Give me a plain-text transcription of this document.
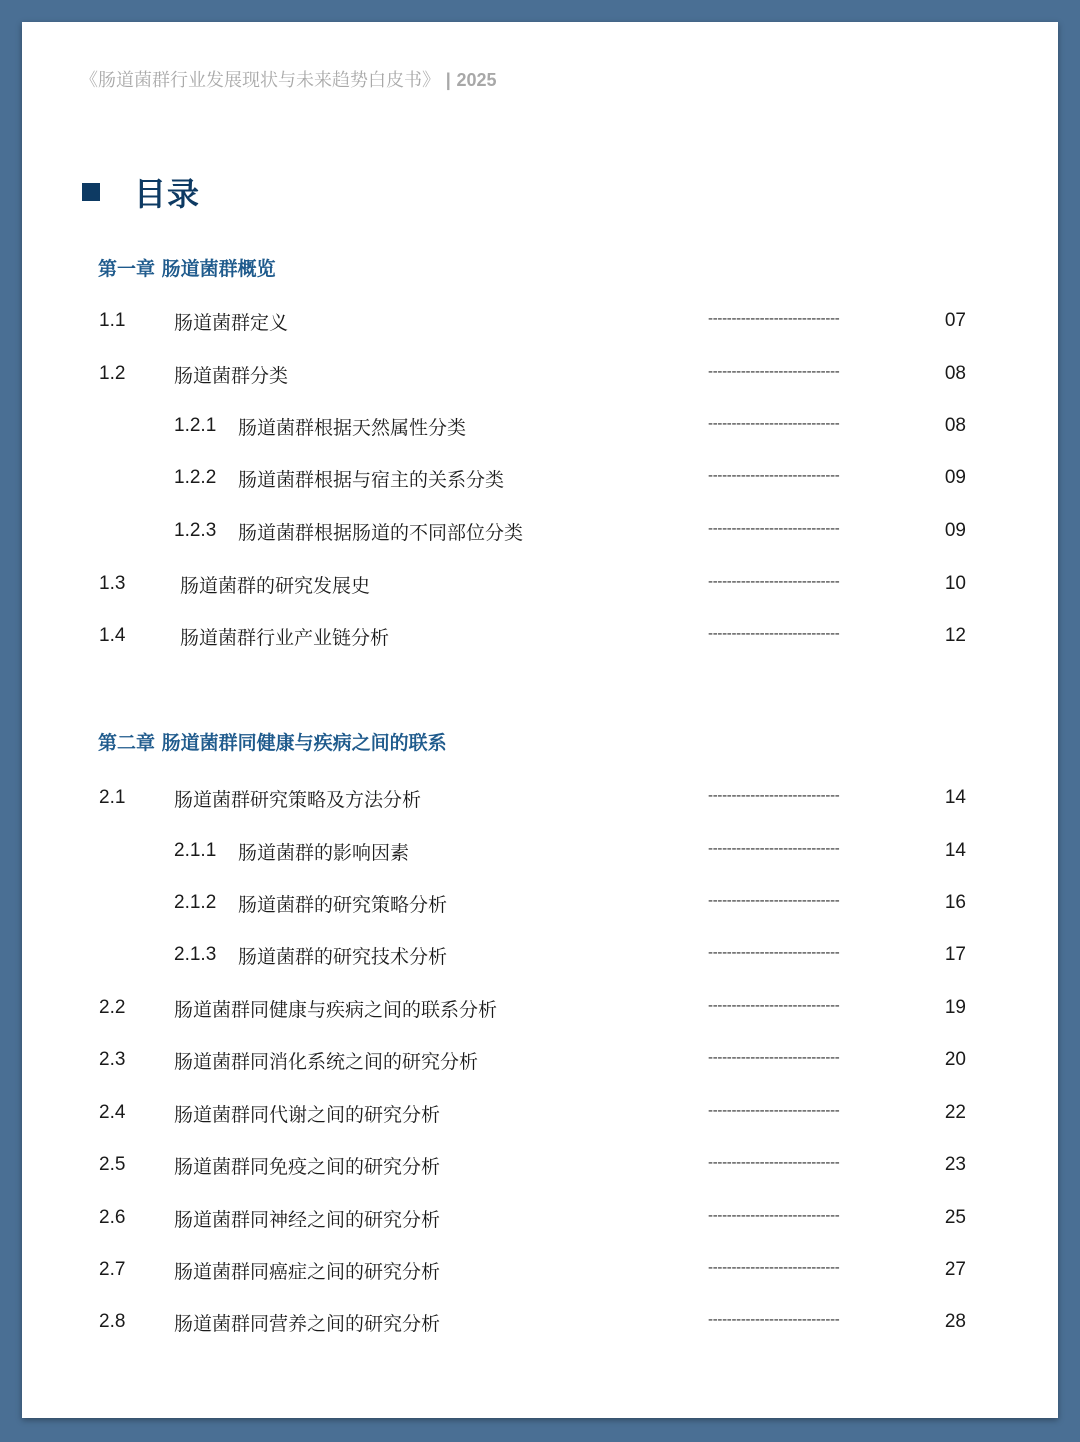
《肠道菌群行业发展现状与未来趋势白皮书》 | 2025
目录
第一章 肠道菌群概览
1.1	肠道菌群定义	----------------------------	07
1.2	肠道菌群分类	----------------------------	08
1.2.1 肠道菌群根据天然属性分类	----------------------------	08
1.2.2 肠道菌群根据与宿主的关系分类	----------------------------	09
1.2.3 肠道菌群根据肠道的不同部位分类	----------------------------	09
1.3	肠道菌群的研究发展史	----------------------------	10
1.4	肠道菌群行业产业链分析	----------------------------	12
第二章 肠道菌群同健康与疾病之间的联系
2.1	肠道菌群研究策略及方法分析	----------------------------	14
2.1.1 肠道菌群的影响因素	----------------------------	14
2.1.2 肠道菌群的研究策略分析	----------------------------	16
2.1.3 肠道菌群的研究技术分析	----------------------------	17
2.2	肠道菌群同健康与疾病之间的联系分析	----------------------------	19
2.3	肠道菌群同消化系统之间的研究分析	----------------------------	20
2.4	肠道菌群同代谢之间的研究分析	----------------------------	22
2.5	肠道菌群同免疫之间的研究分析	----------------------------	23
2.6	肠道菌群同神经之间的研究分析	----------------------------	25
2.7	肠道菌群同癌症之间的研究分析	----------------------------	27
2.8	肠道菌群同营养之间的研究分析	----------------------------	28
